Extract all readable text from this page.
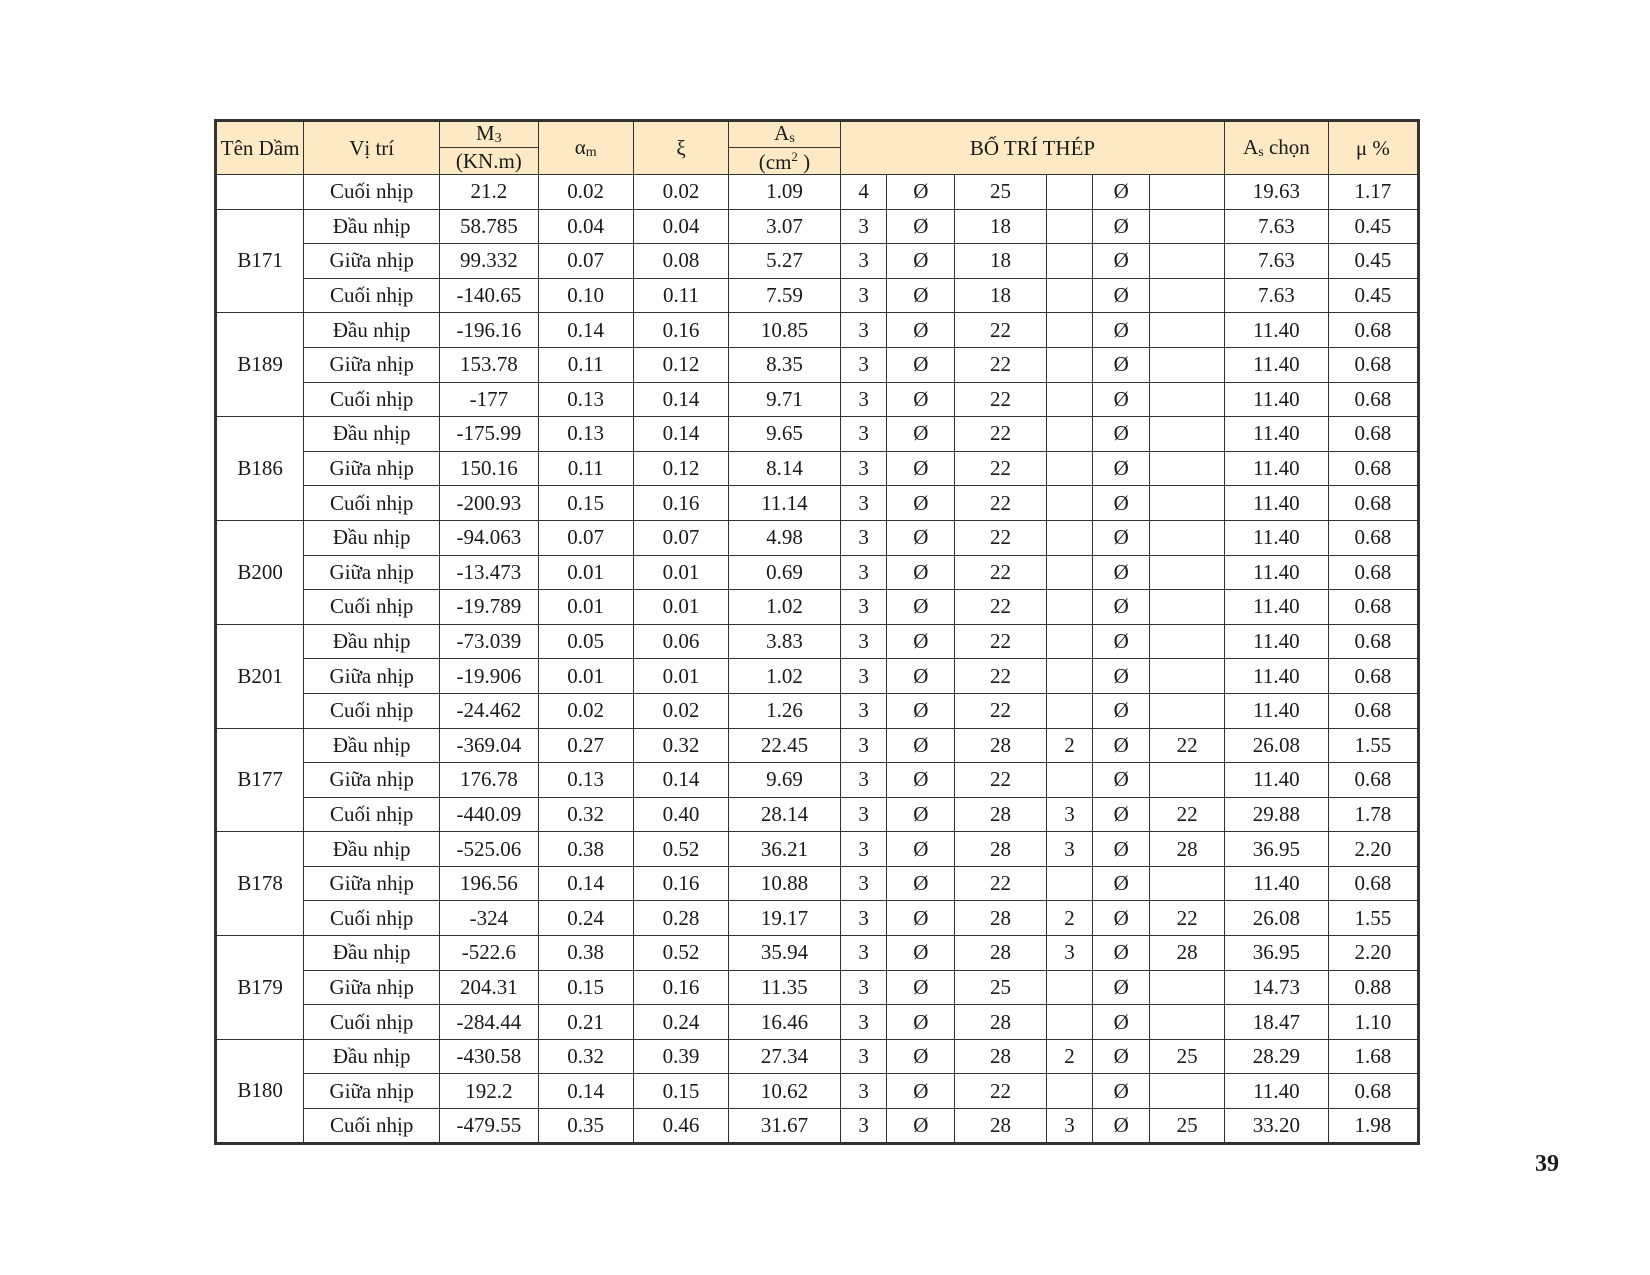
Tên Dầm	Vị trí	M3	αm	ξ	As	BỐ TRÍ THÉP						As chọn	μ %
		(KN.m)			($cm^2$ )								
	Cuối nhịp	21.2	0.02	0.02	1.09	4	Ø	25		Ø		19.63	1.17
B171	Đầu nhịp	58.785	0.04	0.04	3.07	3	Ø	18		Ø		7.63	0.45
	Giữa nhịp	99.332	0.07	0.08	5.27	3	Ø	18		Ø		7.63	0.45
	Cuối nhịp	-140.65	0.10	0.11	7.59	3	Ø	18		Ø		7.63	0.45
B189	Đầu nhịp	-196.16	0.14	0.16	10.85	3	Ø	22		Ø		11.40	0.68
	Giữa nhịp	153.78	0.11	0.12	8.35	3	Ø	22		Ø		11.40	0.68
	Cuối nhịp	-177	0.13	0.14	9.71	3	Ø	22		Ø		11.40	0.68
B186	Đầu nhịp	-175.99	0.13	0.14	9.65	3	Ø	22		Ø		11.40	0.68
	Giữa nhịp	150.16	0.11	0.12	8.14	3	Ø	22		Ø		11.40	0.68
	Cuối nhịp	-200.93	0.15	0.16	11.14	3	Ø	22		Ø		11.40	0.68
B200	Đầu nhịp	-94.063	0.07	0.07	4.98	3	Ø	22		Ø		11.40	0.68
	Giữa nhịp	-13.473	0.01	0.01	0.69	3	Ø	22		Ø		11.40	0.68
	Cuối nhịp	-19.789	0.01	0.01	1.02	3	Ø	22		Ø		11.40	0.68
B201	Đầu nhịp	-73.039	0.05	0.06	3.83	3	Ø	22		Ø		11.40	0.68
	Giữa nhịp	-19.906	0.01	0.01	1.02	3	Ø	22		Ø		11.40	0.68
	Cuối nhịp	-24.462	0.02	0.02	1.26	3	Ø	22		Ø		11.40	0.68
B177	Đầu nhịp	-369.04	0.27	0.32	22.45	3	Ø	28	2	Ø	22	26.08	1.55
	Giữa nhịp	176.78	0.13	0.14	9.69	3	Ø	22		Ø		11.40	0.68
	Cuối nhịp	-440.09	0.32	0.40	28.14	3	Ø	28	3	Ø	22	29.88	1.78
B178	Đầu nhịp	-525.06	0.38	0.52	36.21	3	Ø	28	3	Ø	28	36.95	2.20
	Giữa nhịp	196.56	0.14	0.16	10.88	3	Ø	22		Ø		11.40	0.68
	Cuối nhịp	-324	0.24	0.28	19.17	3	Ø	28	2	Ø	22	26.08	1.55
B179	Đầu nhịp	-522.6	0.38	0.52	35.94	3	Ø	28	3	Ø	28	36.95	2.20
	Giữa nhịp	204.31	0.15	0.16	11.35	3	Ø	25		Ø		14.73	0.88
	Cuối nhịp	-284.44	0.21	0.24	16.46	3	Ø	28		Ø		18.47	1.10
B180	Đầu nhịp	-430.58	0.32	0.39	27.34	3	Ø	28	2	Ø	25	28.29	1.68
	Giữa nhịp	192.2	0.14	0.15	10.62	3	Ø	22		Ø		11.40	0.68
	Cuối nhịp	-479.55	0.35	0.46	31.67	3	Ø	28	3	Ø	25	33.20	1.98
39
